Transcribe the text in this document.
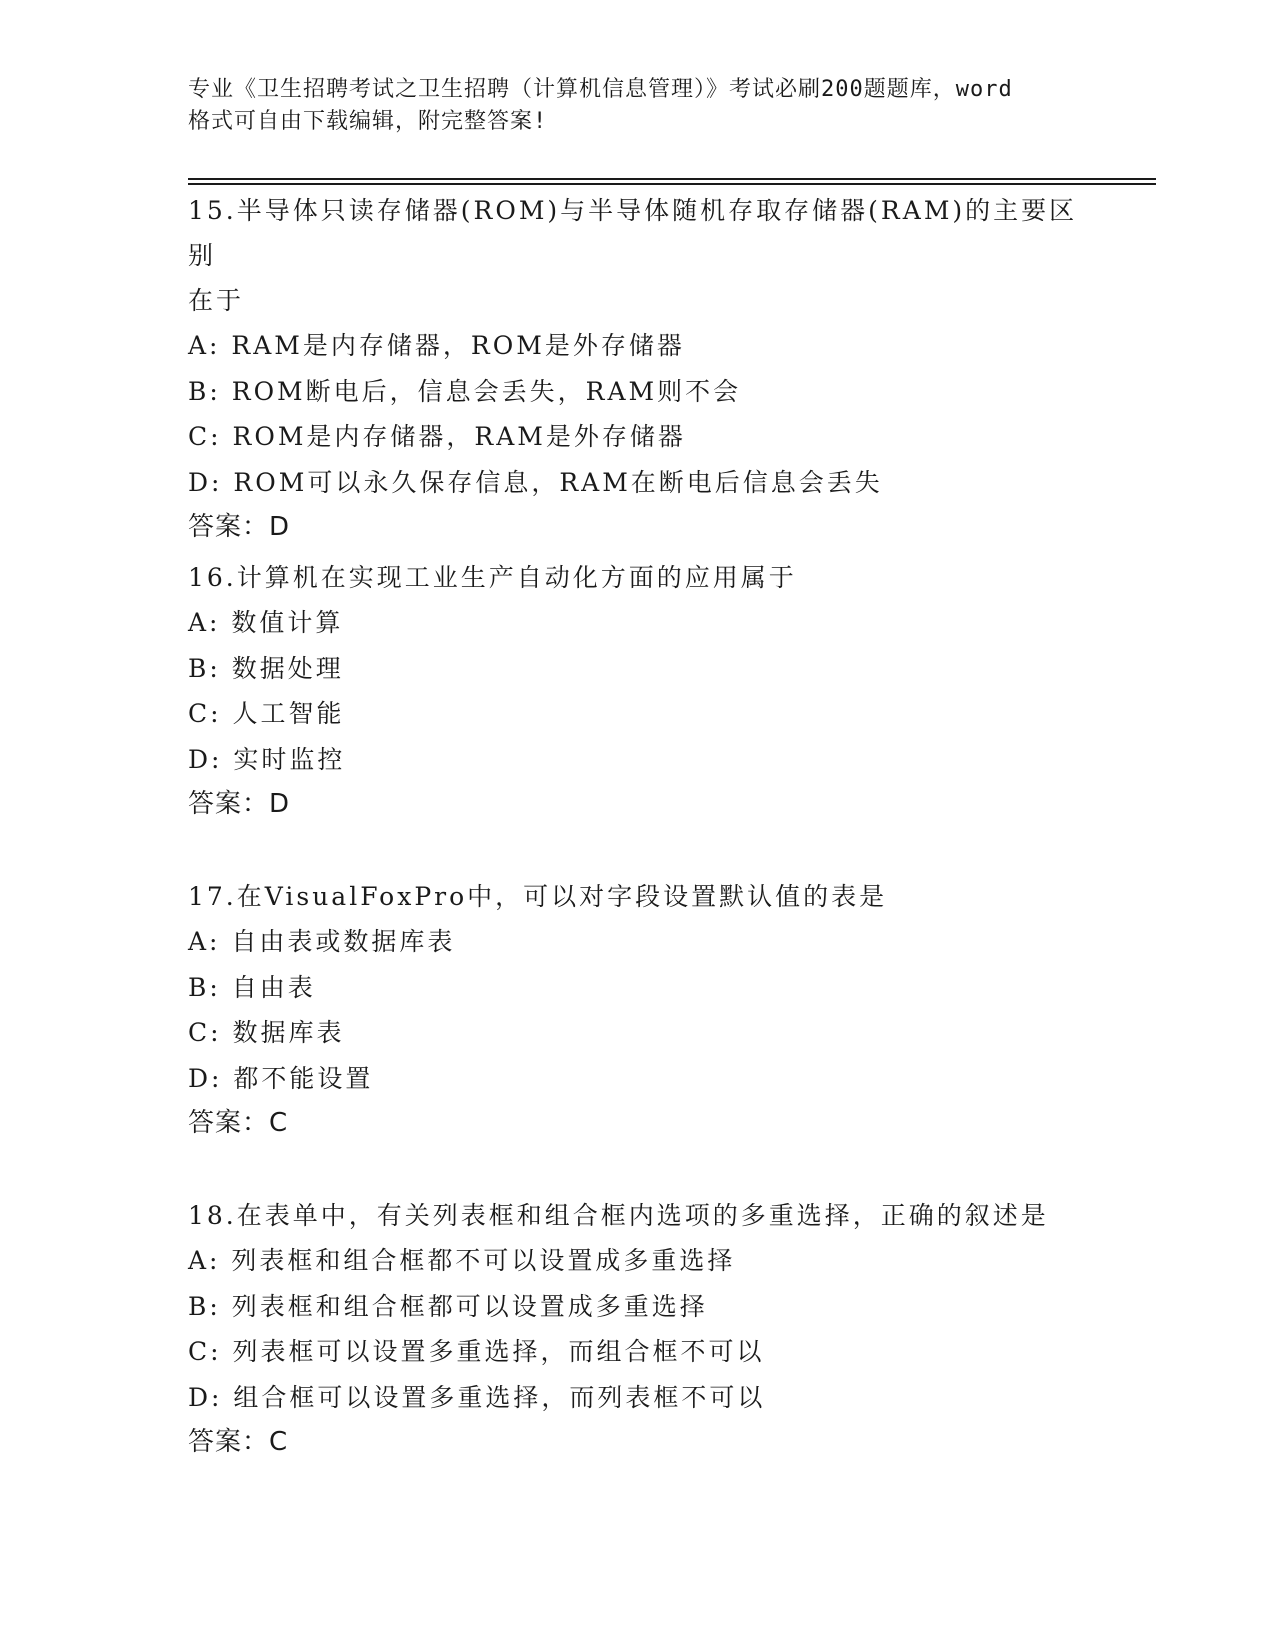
专业《卫生招聘考试之卫生招聘（计算机信息管理）》考试必刷200题题库，word
格式可自由下载编辑，附完整答案!

15.半导体只读存储器(ROM)与半导体随机存取存储器(RAM)的主要区别

在于

A: RAM是内存储器，ROM是外存储器

B: ROM断电后，信息会丢失，RAM则不会

C: ROM是内存储器，RAM是外存储器

D: ROM可以永久保存信息，RAM在断电后信息会丢失

答案：D

16.计算机在实现工业生产自动化方面的应用属于

A: 数值计算

B: 数据处理

C: 人工智能

D: 实时监控

答案：D

17.在VisualFoxPro中，可以对字段设置默认值的表是

A: 自由表或数据库表

B: 自由表

C: 数据库表

D: 都不能设置

答案：C

18.在表单中，有关列表框和组合框内选项的多重选择，正确的叙述是

A: 列表框和组合框都不可以设置成多重选择

B: 列表框和组合框都可以设置成多重选择

C: 列表框可以设置多重选择，而组合框不可以

D: 组合框可以设置多重选择，而列表框不可以

答案：C
